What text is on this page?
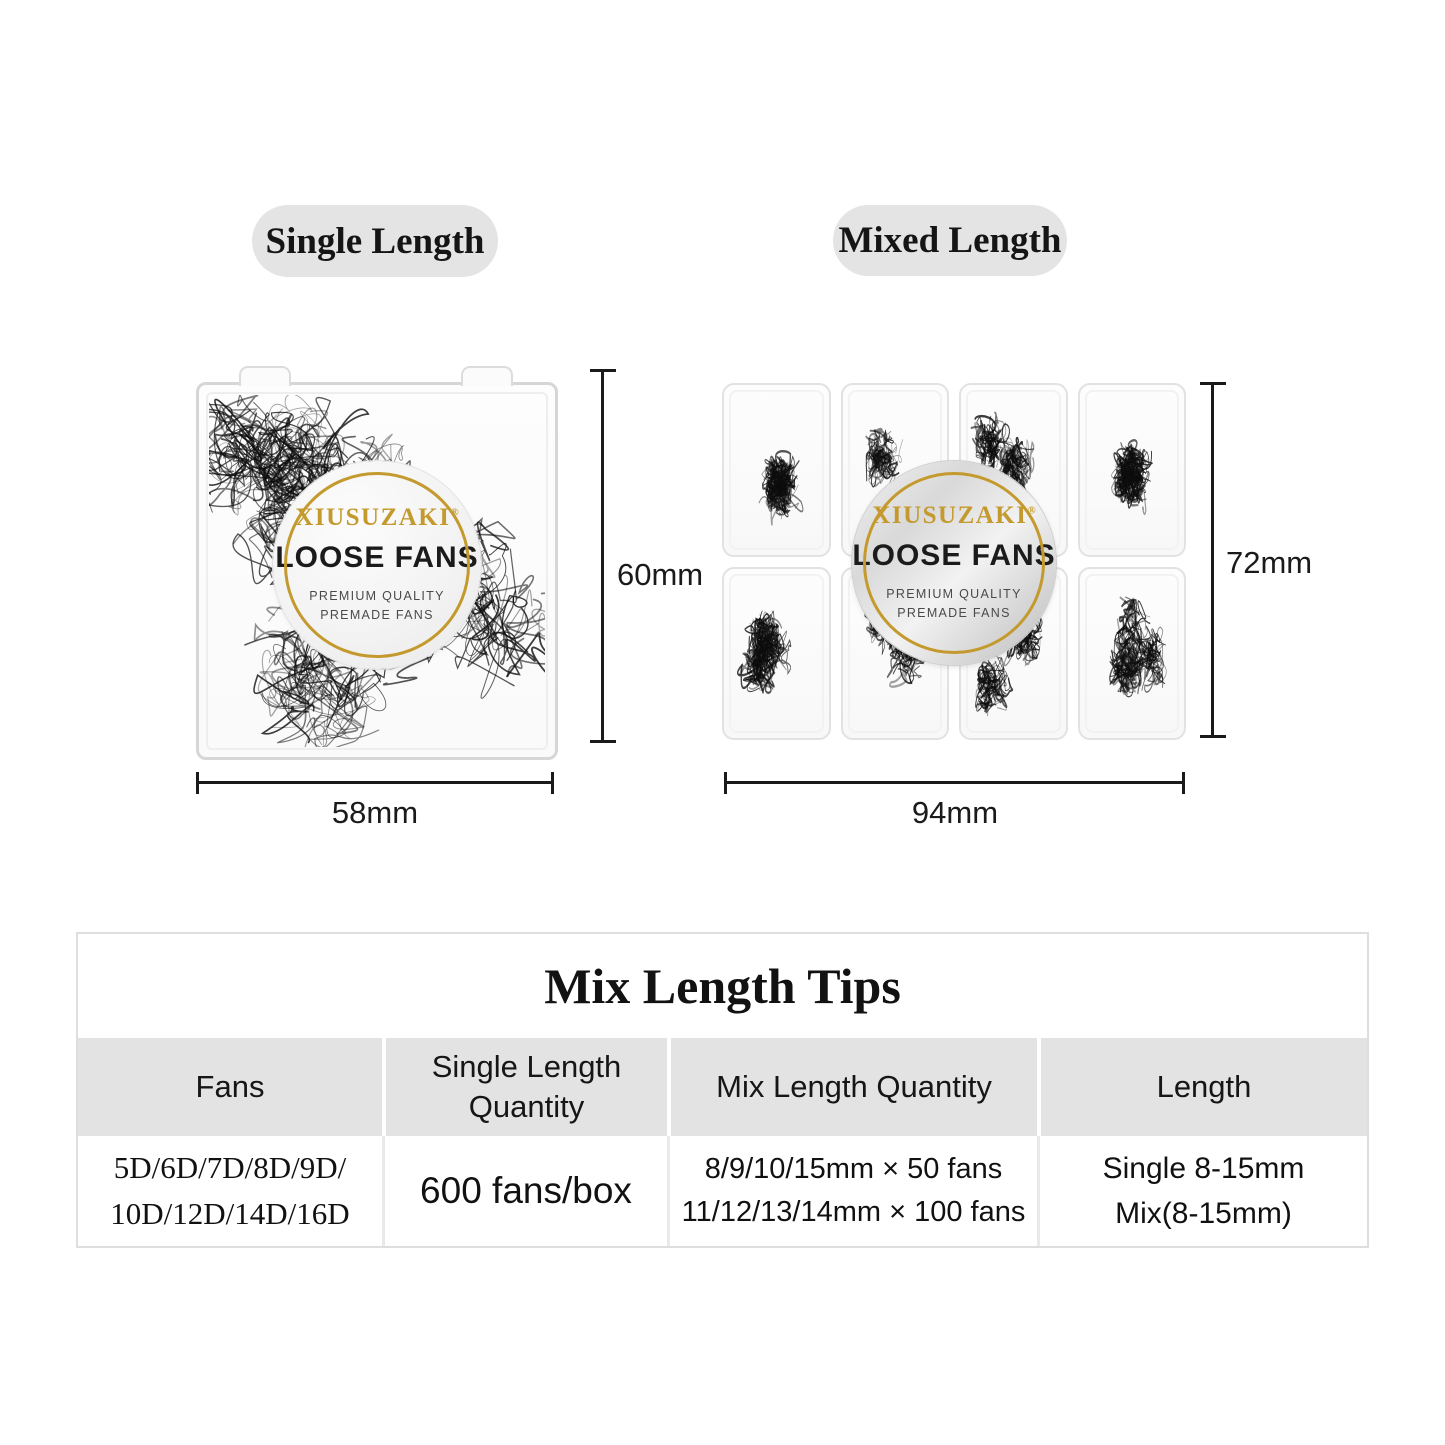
Single Length	Mixed Length
XIUSUZAKI®
LOOSE FANS
PREMIUM QUALITY
PREMADE FANS
XIUSUZAKI®
LOOSE FANS
PREMIUM QUALITY
PREMADE FANS
60mm
58mm
72mm
94mm
Mix Length Tips
Fans
Single Length Quantity
Mix Length Quantity	Length
5D/6D/7D/8D/9D/
10D/12D/14D/16D
600 fans/box
8/9/10/15mm × 50 fans
11/12/13/14mm × 100 fans
Single 8-15mm
Mix(8-15mm)
